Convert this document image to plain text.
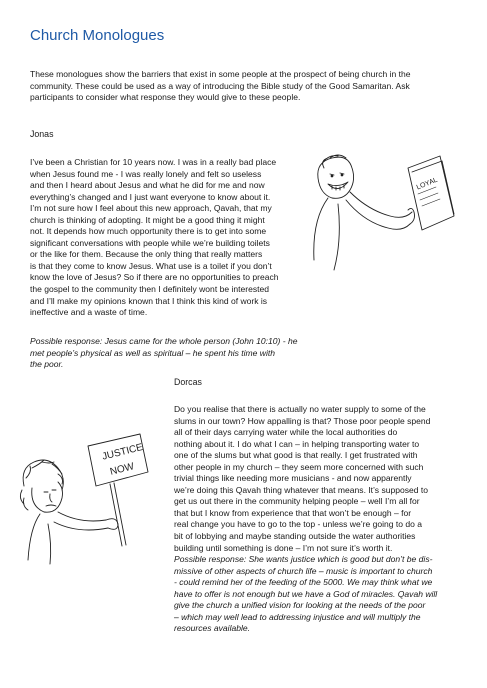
Church Monologues

These monologues show the barriers that exist in some people at the prospect of being church in the
community. These could be used as a way of introducing the Bible study of the Good Samaritan. Ask
participants to consider what response they would give to these people.

Jonas

I’ve been a Christian for 10 years now. I was in a really bad place
when Jesus found me - I was really lonely and felt so useless
and then I heard about Jesus and what he did for me and now
everything’s changed and I just want everyone to know about it.
I’m not sure how I feel about this new approach, Qavah, that my
church is thinking of adopting. It might be a good thing it might
not. It depends how much opportunity there is to get into some
significant conversations with people while we’re building toilets
or the like for them. Because the only thing that really matters
is that they come to know Jesus. What use is a toilet if you don’t
know the love of Jesus? So if there are no opportunities to preach
the gospel to the community then I definitely wont be interested
and I’ll make my opinions known that I think this kind of work is
ineffective and a waste of time.

Possible response: Jesus came for the whole person (John 10:10) - he
met people’s physical as well as spiritual – he spent his time with
the poor.

LOYAL
Dorcas

Do you realise that there is actually no water supply to some of the
slums in our town? How appalling is that? Those poor people spend
all of their days carrying water while the local authorities do
nothing about it. I do what I can – in helping transporting water to
one of the slums but what good is that really. I get frustrated with
other people in my church – they seem more concerned with such
trivial things like needing more musicians - and now apparently
we’re doing this Qavah thing whatever that means. It’s supposed to
get us out there in the community helping people – well I’m all for
that but I know from experience that that won’t be enough – for
real change you have to go to the top - unless we’re going to do a
bit of lobbying and maybe standing outside the water authorities
building until something is done – I’m not sure it’s worth it.

Possible response: She wants justice which is good but don’t be dis-
missive of other aspects of church life – music is important to church
- could remind her of the feeding of the 5000. We may think what we
have to offer is not enough but we have a God of miracles. Qavah will
give the church a unified vision for looking at the needs of the poor
– which may well lead to addressing injustice and will multiply the
resources available.

JUSTICE
NOW
